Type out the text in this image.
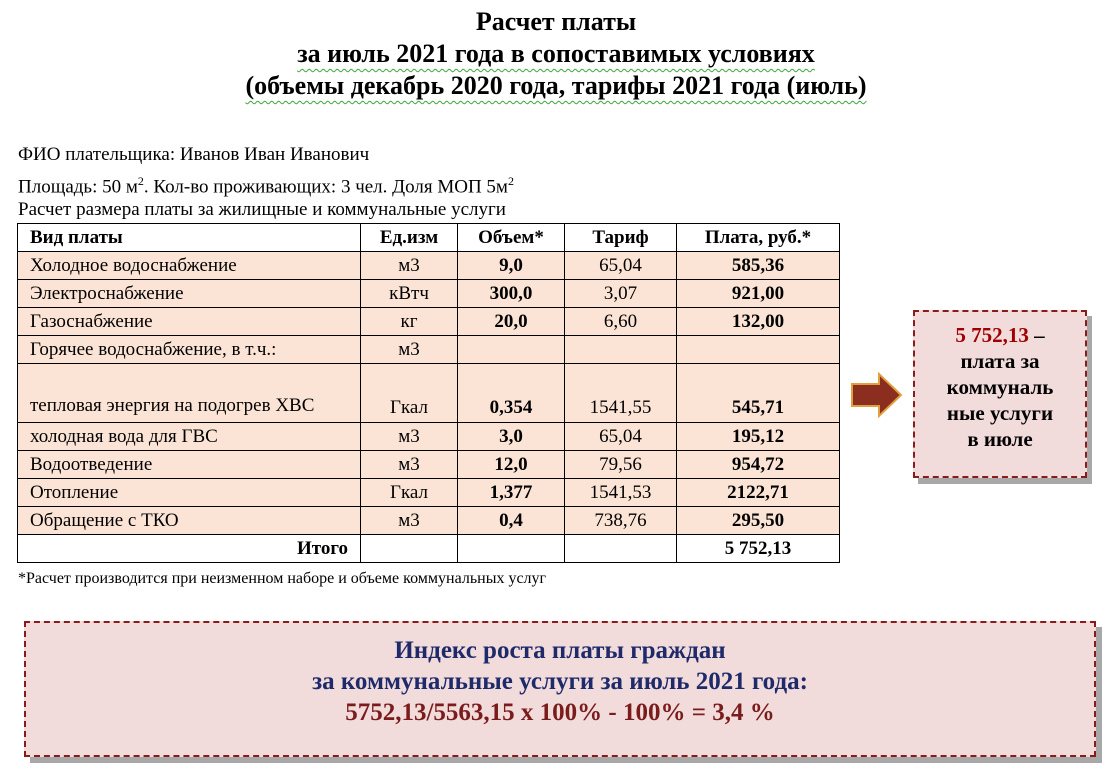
Расчет платы
за июль 2021 года в сопоставимых условиях
(объемы декабрь 2020 года, тарифы 2021 года (июль)
ФИО плательщика: Иванов Иван Иванович
Площадь: 50 $м^2$. Кол-во проживающих: 3 чел. Доля МОП $5м^2$
Расчет размера платы за жилищные и коммунальные услуги
Вид платы	Ед.изм	Объем*	Тариф	Плата, руб.*
Холодное водоснабжение	м3	9,0	65,04	585,36
Электроснабжение	кВтч	300,0	3,07	921,00
Газоснабжение	кг	20,0	6,60	132,00
Горячее водоснабжение, в т.ч.:	м3			
тепловая энергия на подогрев ХВС	Гкал	0,354	1541,55	545,71
холодная вода для ГВС	м3	3,0	65,04	195,12
Водоотведение	м3	12,0	79,56	954,72
Отопление	Гкал	1,377	1541,53	2122,71
Обращение с ТКО	м3	0,4	738,76	295,50
Итого				5 752,13
*Расчет производится при неизменном наборе и объеме коммунальных услуг
5 752,13 –
плата за
коммуналь
ные услуги
в июле
Индекс роста платы граждан
за коммунальные услуги за июль 2021 года:
5752,13/5563,15 х 100% - 100% = 3,4 %
